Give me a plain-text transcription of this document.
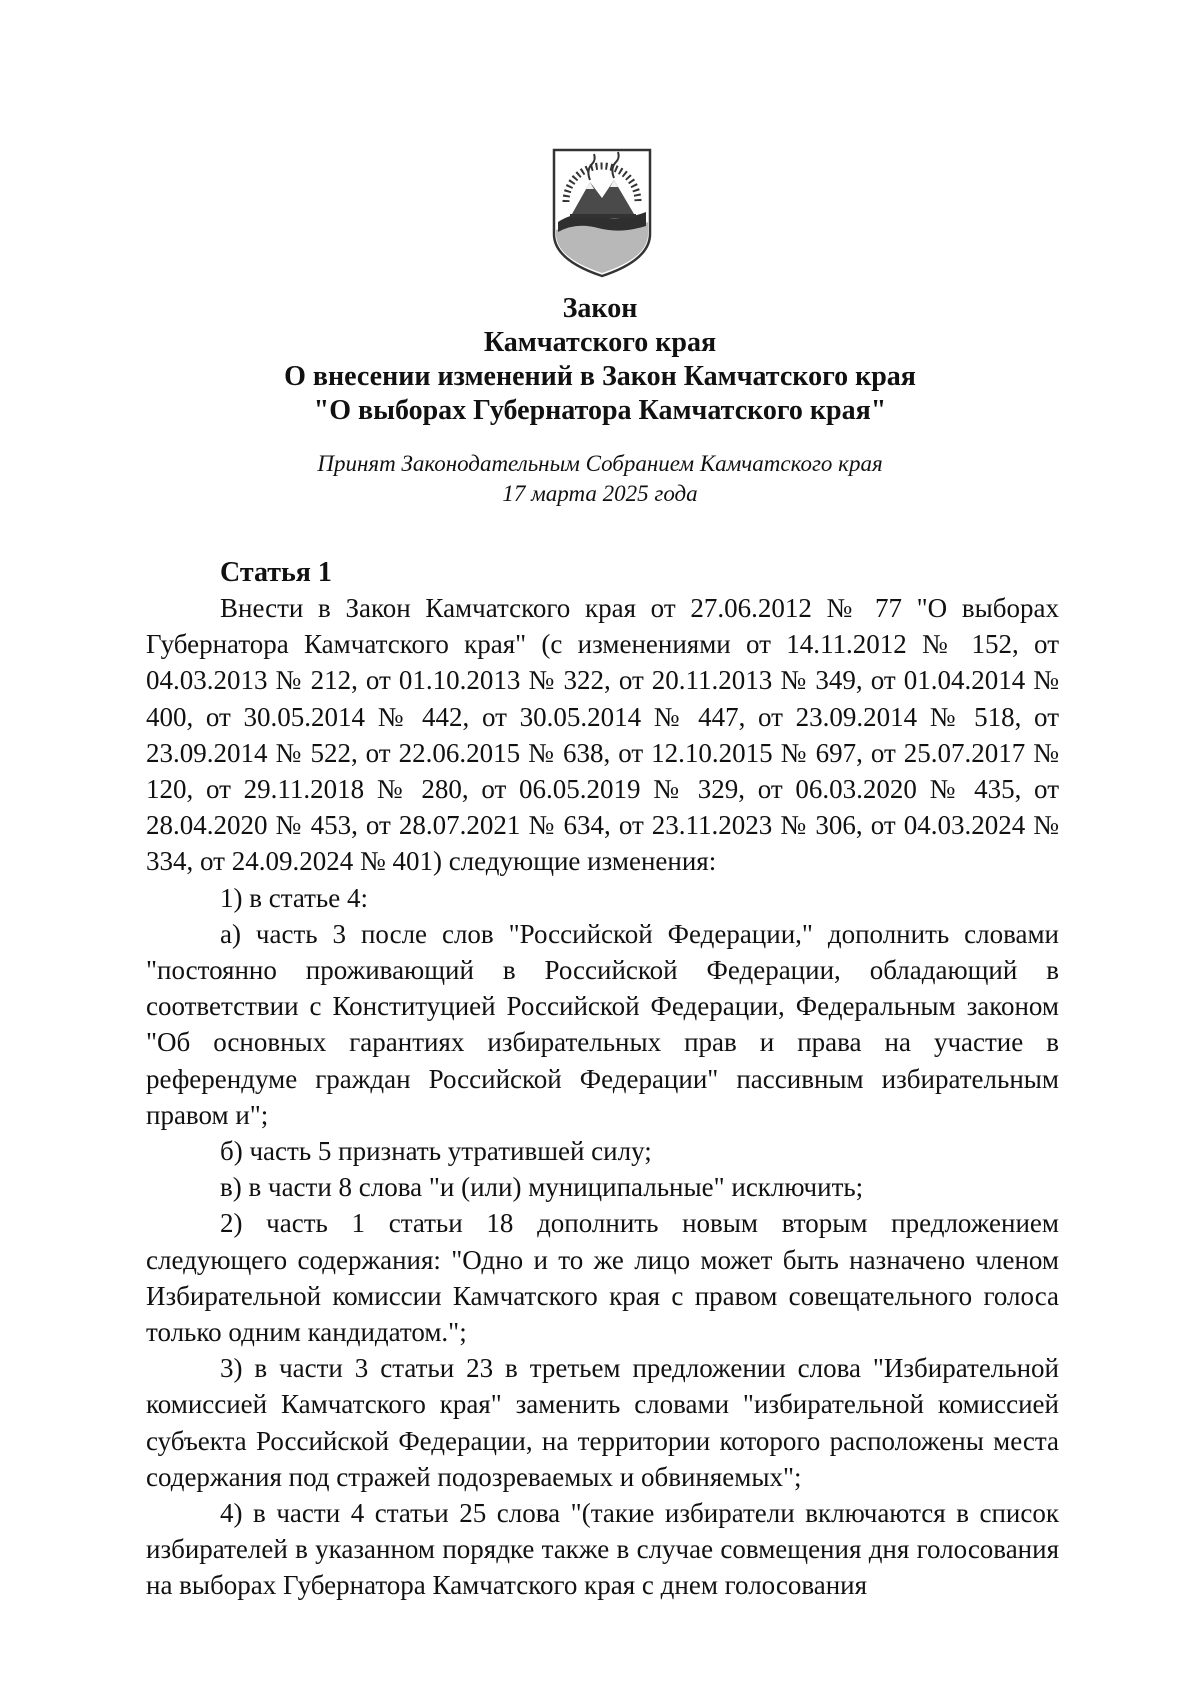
Закон
Камчатского края
О внесении изменений в Закон Камчатского края
"О выборах Губернатора Камчатского края"
Принят Законодательным Собранием Камчатского края
17 марта 2025 года
Статья 1

Внести в Закон Камчатского края от 27.06.2012 № 77 "О выборах Губернатора Камчатского края" (с изменениями от 14.11.2012 № 152, от 04.03.2013 № 212, от 01.10.2013 № 322, от 20.11.2013 № 349, от 01.04.2014 № 400, от 30.05.2014 № 442, от 30.05.2014 № 447, от 23.09.2014 № 518, от 23.09.2014 № 522, от 22.06.2015 № 638, от 12.10.2015 № 697, от 25.07.2017 № 120, от 29.11.2018 № 280, от 06.05.2019 № 329, от 06.03.2020 № 435, от 28.04.2020 № 453, от 28.07.2021 № 634, от 23.11.2023 № 306, от 04.03.2024 № 334, от 24.09.2024 № 401) следующие изменения:

1) в статье 4:

а) часть 3 после слов "Российской Федерации," дополнить словами "постоянно проживающий в Российской Федерации, обладающий в соответствии с Конституцией Российской Федерации, Федеральным законом "Об основных гарантиях избирательных прав и права на участие в референдуме граждан Российской Федерации" пассивным избирательным правом и";

б) часть 5 признать утратившей силу;

в) в части 8 слова "и (или) муниципальные" исключить;

2) часть 1 статьи 18 дополнить новым вторым предложением следующего содержания: "Одно и то же лицо может быть назначено членом Избирательной комиссии Камчатского края с правом совещательного голоса только одним кандидатом.";

3) в части 3 статьи 23 в третьем предложении слова "Избирательной комиссией Камчатского края" заменить словами "избирательной комиссией субъекта Российской Федерации, на территории которого расположены места содержания под стражей подозреваемых и обвиняемых";

4) в части 4 статьи 25 слова "(такие избиратели включаются в список избирателей в указанном порядке также в случае совмещения дня голосования на выборах Губернатора Камчатского края с днем голосования
